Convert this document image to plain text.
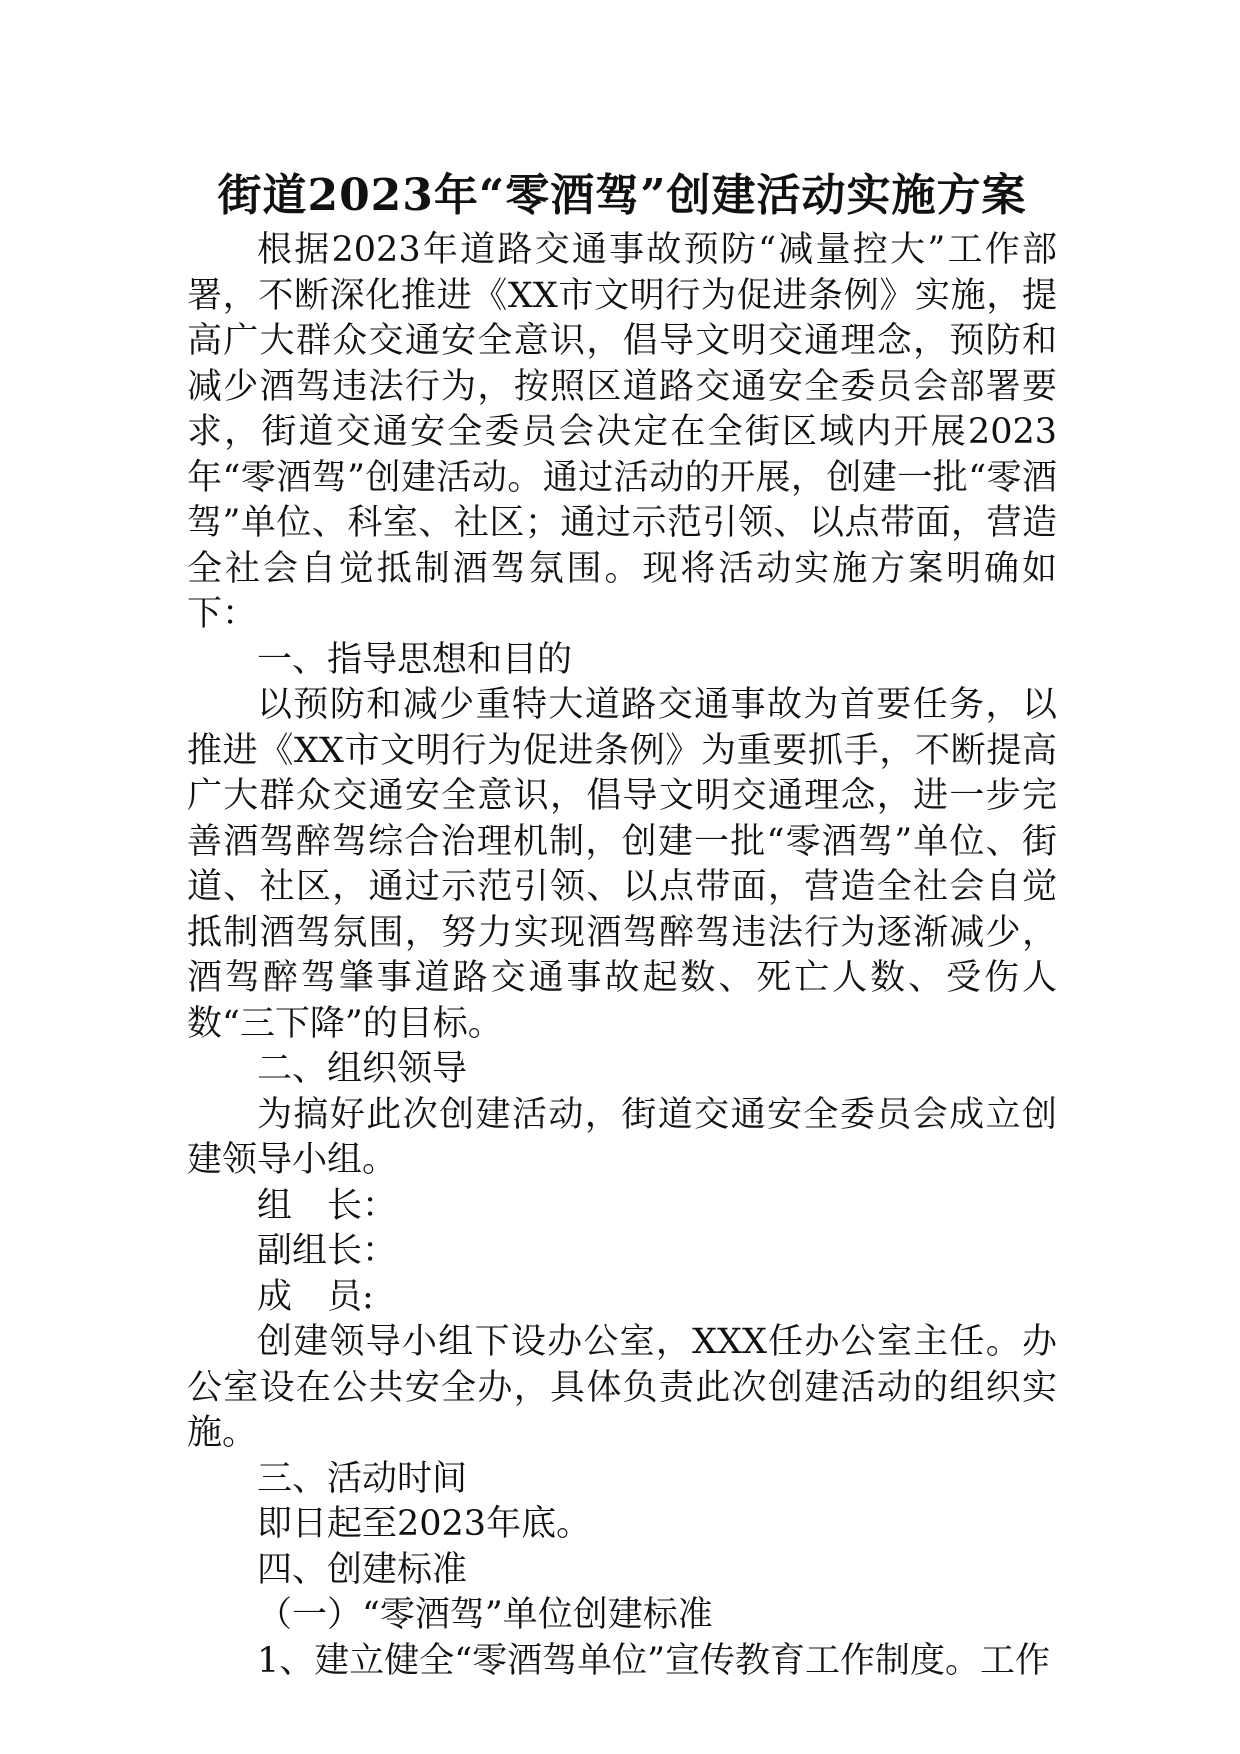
街道2023年“零酒驾”创建活动实施方案

根据2023年道路交通事故预防“减量控大”工作部署，不断深化推进《XX市文明行为促进条例》实施，提高广大群众交通安全意识，倡导文明交通理念，预防和减少酒驾违法行为，按照区道路交通安全委员会部署要求，街道交通安全委员会决定在全街区域内开展2023年“零酒驾”创建活动。通过活动的开展，创建一批“零酒驾”单位、科室、社区；通过示范引领、以点带面，营造全社会自觉抵制酒驾氛围。现将活动实施方案明确如下：

一、指导思想和目的

以预防和减少重特大道路交通事故为首要任务，以推进《XX市文明行为促进条例》为重要抓手，不断提高广大群众交通安全意识，倡导文明交通理念，进一步完善酒驾醉驾综合治理机制，创建一批“零酒驾”单位、街道、社区，通过示范引领、以点带面，营造全社会自觉抵制酒驾氛围，努力实现酒驾醉驾违法行为逐渐减少，酒驾醉驾肇事道路交通事故起数、死亡人数、受伤人数“三下降”的目标。

二、组织领导

为搞好此次创建活动，街道交通安全委员会成立创建领导小组。

组　长：

副组长：

成　员:

创建领导小组下设办公室，XXX任办公室主任。办公室设在公共安全办，具体负责此次创建活动的组织实施。

三、活动时间

即日起至2023年底。

四、创建标准

（一）“零酒驾”单位创建标准

1、建立健全“零酒驾单位”宣传教育工作制度。工作
